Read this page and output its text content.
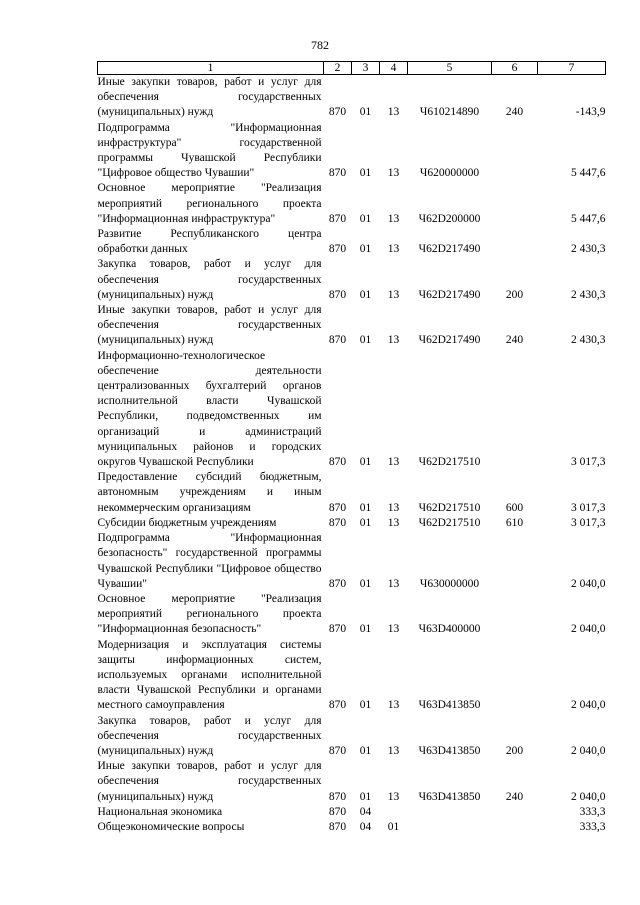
782
1	2	3	4	5	6	7
Иные закупки товаров, работ и услуг для обеспечения государственных (муниципальных) нужд	870	01	13	Ч610214890	240	-143,9
Подпрограмма "Информационная инфраструктура" государственной программы Чувашской Республики "Цифровое общество Чувашии"	870	01	13	Ч620000000		5 447,6
Основное мероприятие "Реализация мероприятий регионального проекта "Информационная инфраструктура"	870	01	13	Ч62D200000		5 447,6
Развитие Республиканского центра обработки данных	870	01	13	Ч62D217490		2 430,3
Закупка товаров, работ и услуг для обеспечения государственных (муниципальных) нужд	870	01	13	Ч62D217490	200	2 430,3
Иные закупки товаров, работ и услуг для обеспечения государственных (муниципальных) нужд	870	01	13	Ч62D217490	240	2 430,3
Информационно-технологическое обеспечение деятельности централизованных бухгалтерий органов исполнительной власти Чувашской Республики, подведомственных им организаций и администраций муниципальных районов и городских округов Чувашской Республики	870	01	13	Ч62D217510		3 017,3
Предоставление субсидий бюджетным, автономным учреждениям и иным некоммерческим организациям	870	01	13	Ч62D217510	600	3 017,3
Субсидии бюджетным учреждениям	870	01	13	Ч62D217510	610	3 017,3
Подпрограмма "Информационная безопасность" государственной программы Чувашской Республики "Цифровое общество Чувашии"	870	01	13	Ч630000000		2 040,0
Основное мероприятие "Реализация мероприятий регионального проекта "Информационная безопасность"	870	01	13	Ч63D400000		2 040,0
Модернизация и эксплуатация системы защиты информационных систем, используемых органами исполнительной власти Чувашской Республики и органами местного самоуправления	870	01	13	Ч63D413850		2 040,0
Закупка товаров, работ и услуг для обеспечения государственных (муниципальных) нужд	870	01	13	Ч63D413850	200	2 040,0
Иные закупки товаров, работ и услуг для обеспечения государственных (муниципальных) нужд	870	01	13	Ч63D413850	240	2 040,0
Национальная экономика	870	04				333,3
Общеэкономические вопросы	870	04	01			333,3
